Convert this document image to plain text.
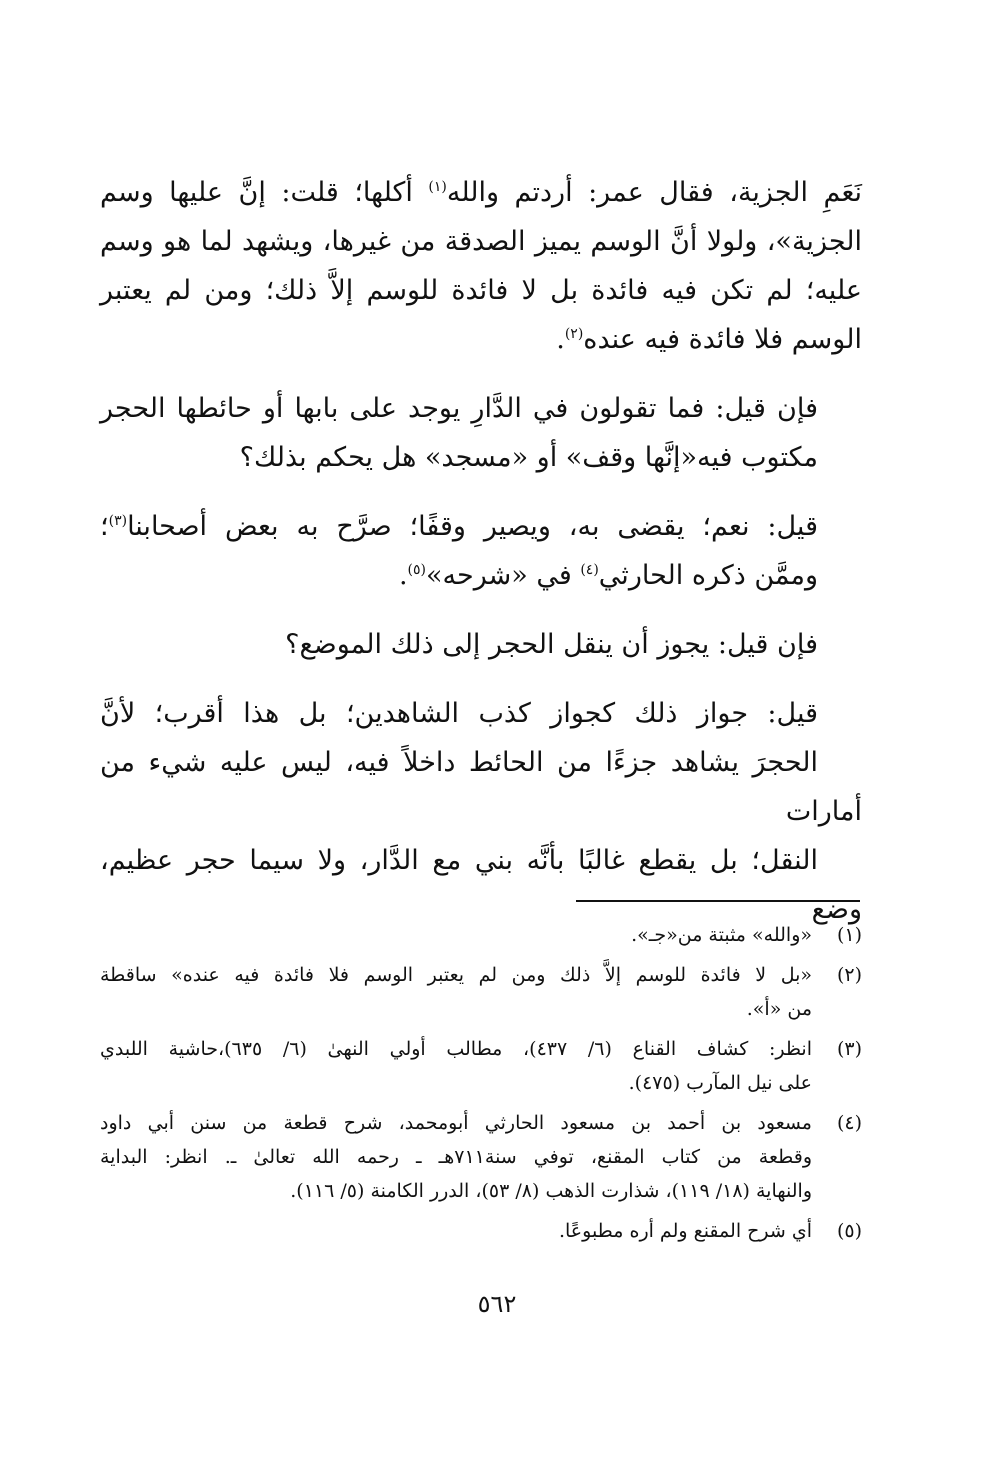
نَعَمِ الجزية، فقال عمر: أردتم والله$^{(١)}$ أكلها؛ قلت: إنَّ عليها وسم
الجزية»، ولولا أنَّ الوسم يميز الصدقة من غيرها، ويشهد لما هو وسم
عليه؛ لم تكن فيه فائدة بل لا فائدة للوسم إلاَّ ذلك؛ ومن لم يعتبر
الوسم فلا فائدة فيه عنده$^{(٢)}$.
فإن قيل: فما تقولون في الدَّارِ يوجد على بابها أو حائطها الحجر
مكتوب فيه«إنَّها وقف» أو «مسجد» هل يحكم بذلك؟
قيل: نعم؛ يقضى به، ويصير وقفًا؛ صرَّح به بعض أصحابنا$^{(٣)}$؛
وممَّن ذكره الحارثي$^{(٤)}$ في «شرحه»$^{(٥)}$.
فإن قيل: يجوز أن ينقل الحجر إلى ذلك الموضع؟
قيل: جواز ذلك كجواز كذب الشاهدين؛ بل هذا أقرب؛ لأنَّ
الحجرَ يشاهد جزءًا من الحائط داخلاً فيه، ليس عليه شيء من أمارات
النقل؛ بل يقطع غالبًا بأنَّه بني مع الدَّار، ولا سيما حجر عظيم، وضع
(١)
«والله» مثبتة من«جـ».
(٢)
«بل لا فائدة للوسم إلاَّ ذلك ومن لم يعتبر الوسم فلا فائدة فيه عنده» ساقطة
من «أ».
(٣)
انظر: كشاف القناع (٦/ ٤٣٧)، مطالب أولي النهىٰ (٦/ ٦٣٥)،حاشية اللبدي
على نيل المآرب (٤٧٥).
(٤)
مسعود بن أحمد بن مسعود الحارثي أبومحمد، شرح قطعة من سنن أبي داود
وقطعة من كتاب المقنع، توفي سنة٧١١هـ ـ رحمه الله تعالىٰ ـ. انظر: البداية
والنهاية (١٨/ ١١٩)، شذارت الذهب (٨/ ٥٣)، الدرر الكامنة (٥/ ١١٦).
(٥)
أي شرح المقنع ولم أره مطبوعًا.
٥٦٢
